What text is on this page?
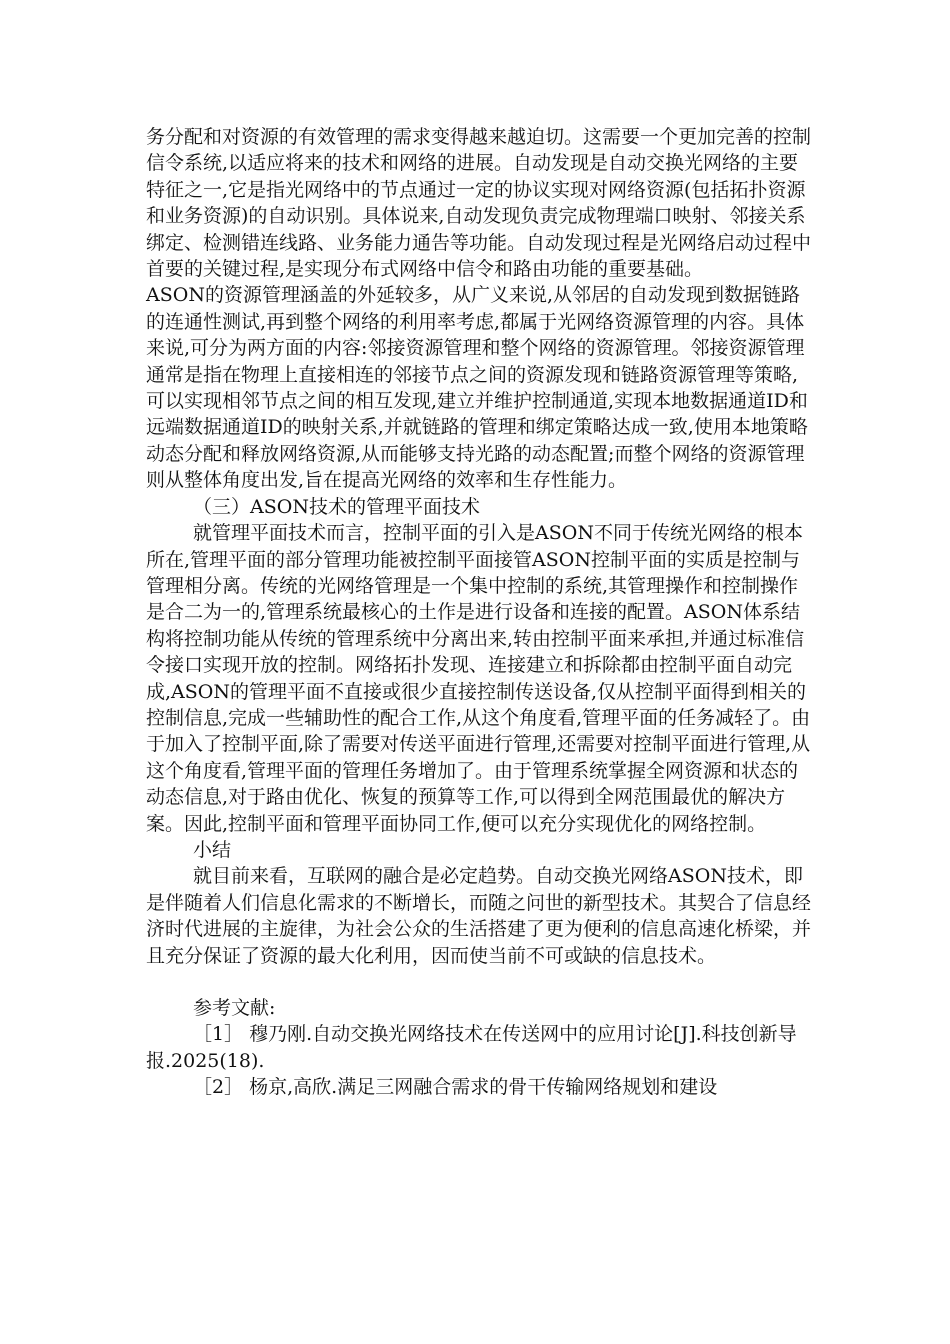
务分配和对资源的有效管理的需求变得越来越迫切。这需要一个更加完善的控制信令系统,以适应将来的技术和网络的进展。自动发现是自动交换光网络的主要特征之一,它是指光网络中的节点通过一定的协议实现对网络资源(包括拓扑资源和业务资源)的自动识别。具体说来,自动发现负责完成物理端口映射、邻接关系绑定、检测错连线路、业务能力通告等功能。自动发现过程是光网络启动过程中首要的关键过程,是实现分布式网络中信令和路由功能的重要基础。

ASON的资源管理涵盖的外延较多，从广义来说,从邻居的自动发现到数据链路的连通性测试,再到整个网络的利用率考虑,都属于光网络资源管理的内容。具体来说,可分为两方面的内容:邻接资源管理和整个网络的资源管理。邻接资源管理通常是指在物理上直接相连的邻接节点之间的资源发现和链路资源管理等策略,可以实现相邻节点之间的相互发现,建立并维护控制通道,实现本地数据通道ID和远端数据通道ID的映射关系,并就链路的管理和绑定策略达成一致,使用本地策略动态分配和释放网络资源,从而能够支持光路的动态配置;而整个网络的资源管理则从整体角度出发,旨在提高光网络的效率和生存性能力。

（三）ASON技术的管理平面技术

就管理平面技术而言，控制平面的引入是ASON不同于传统光网络的根本所在,管理平面的部分管理功能被控制平面接管ASON控制平面的实质是控制与管理相分离。传统的光网络管理是一个集中控制的系统,其管理操作和控制操作是合二为一的,管理系统最核心的土作是进行设备和连接的配置。ASON体系结构将控制功能从传统的管理系统中分离出来,转由控制平面来承担,并通过标准信令接口实现开放的控制。网络拓扑发现、连接建立和拆除都由控制平面自动完成,ASON的管理平面不直接或很少直接控制传送设备,仅从控制平面得到相关的控制信息,完成一些辅助性的配合工作,从这个角度看,管理平面的任务减轻了。由于加入了控制平面,除了需要对传送平面进行管理,还需要对控制平面进行管理,从这个角度看,管理平面的管理任务增加了。由于管理系统掌握全网资源和状态的动态信息,对于路由优化、恢复的预算等工作,可以得到全网范围最优的解决方案。因此,控制平面和管理平面协同工作,便可以充分实现优化的网络控制。

小结

就目前来看，互联网的融合是必定趋势。自动交换光网络ASON技术，即是伴随着人们信息化需求的不断增长，而随之问世的新型技术。其契合了信息经济时代进展的主旋律，为社会公众的生活搭建了更为便利的信息高速化桥梁，并且充分保证了资源的最大化利用，因而使当前不可或缺的信息技术。

参考文献:

［1］ 穆乃刚.自动交换光网络技术在传送网中的应用讨论[J].科技创新导报.2025(18).

［2］ 杨京,高欣.满足三网融合需求的骨干传输网络规划和建设
